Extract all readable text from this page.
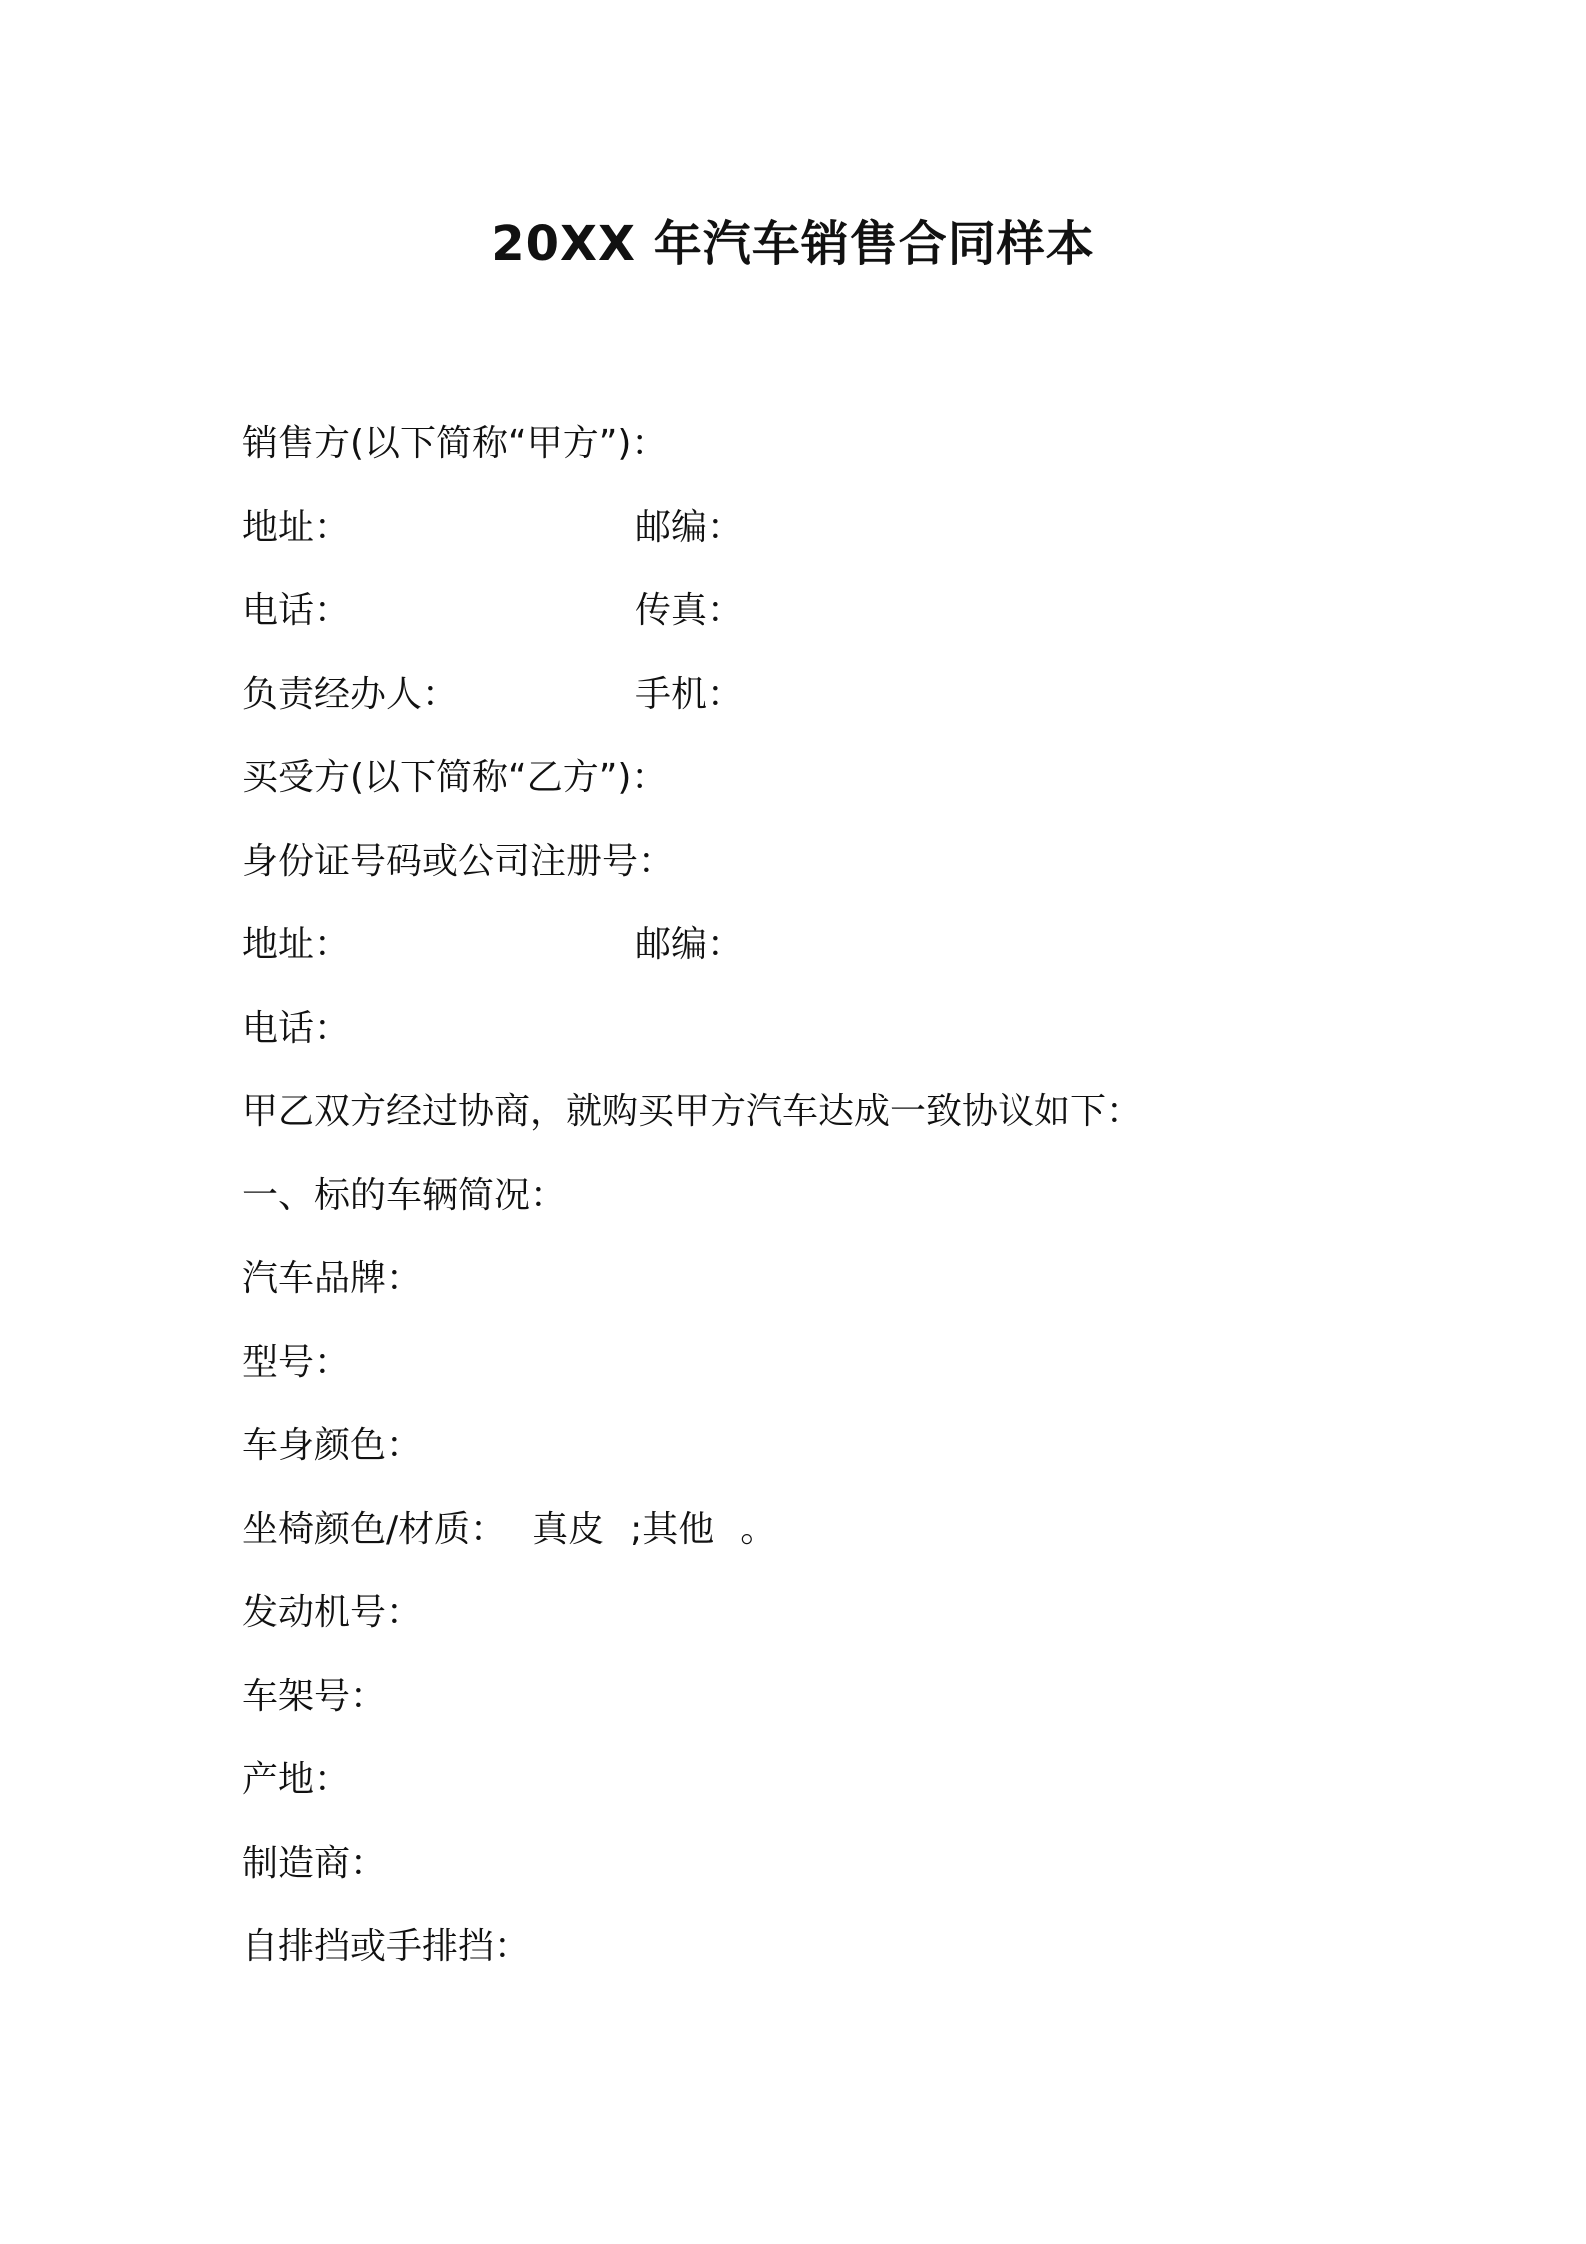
20XX 年汽车销售合同样本
销售方(以下简称“甲方”)：
地址：	邮编：
电话：	传真：
负责经办人：	手机：
买受方(以下简称“乙方”)：
身份证号码或公司注册号：
地址：	邮编：
电话：
甲乙双方经过协商，就购买甲方汽车达成一致协议如下：
一、标的车辆简况：
汽车品牌：
型号：
车身颜色：
坐椅颜色/材质： 真皮 ;其他 。
发动机号：
车架号：
产地：
制造商：
自排挡或手排挡：
